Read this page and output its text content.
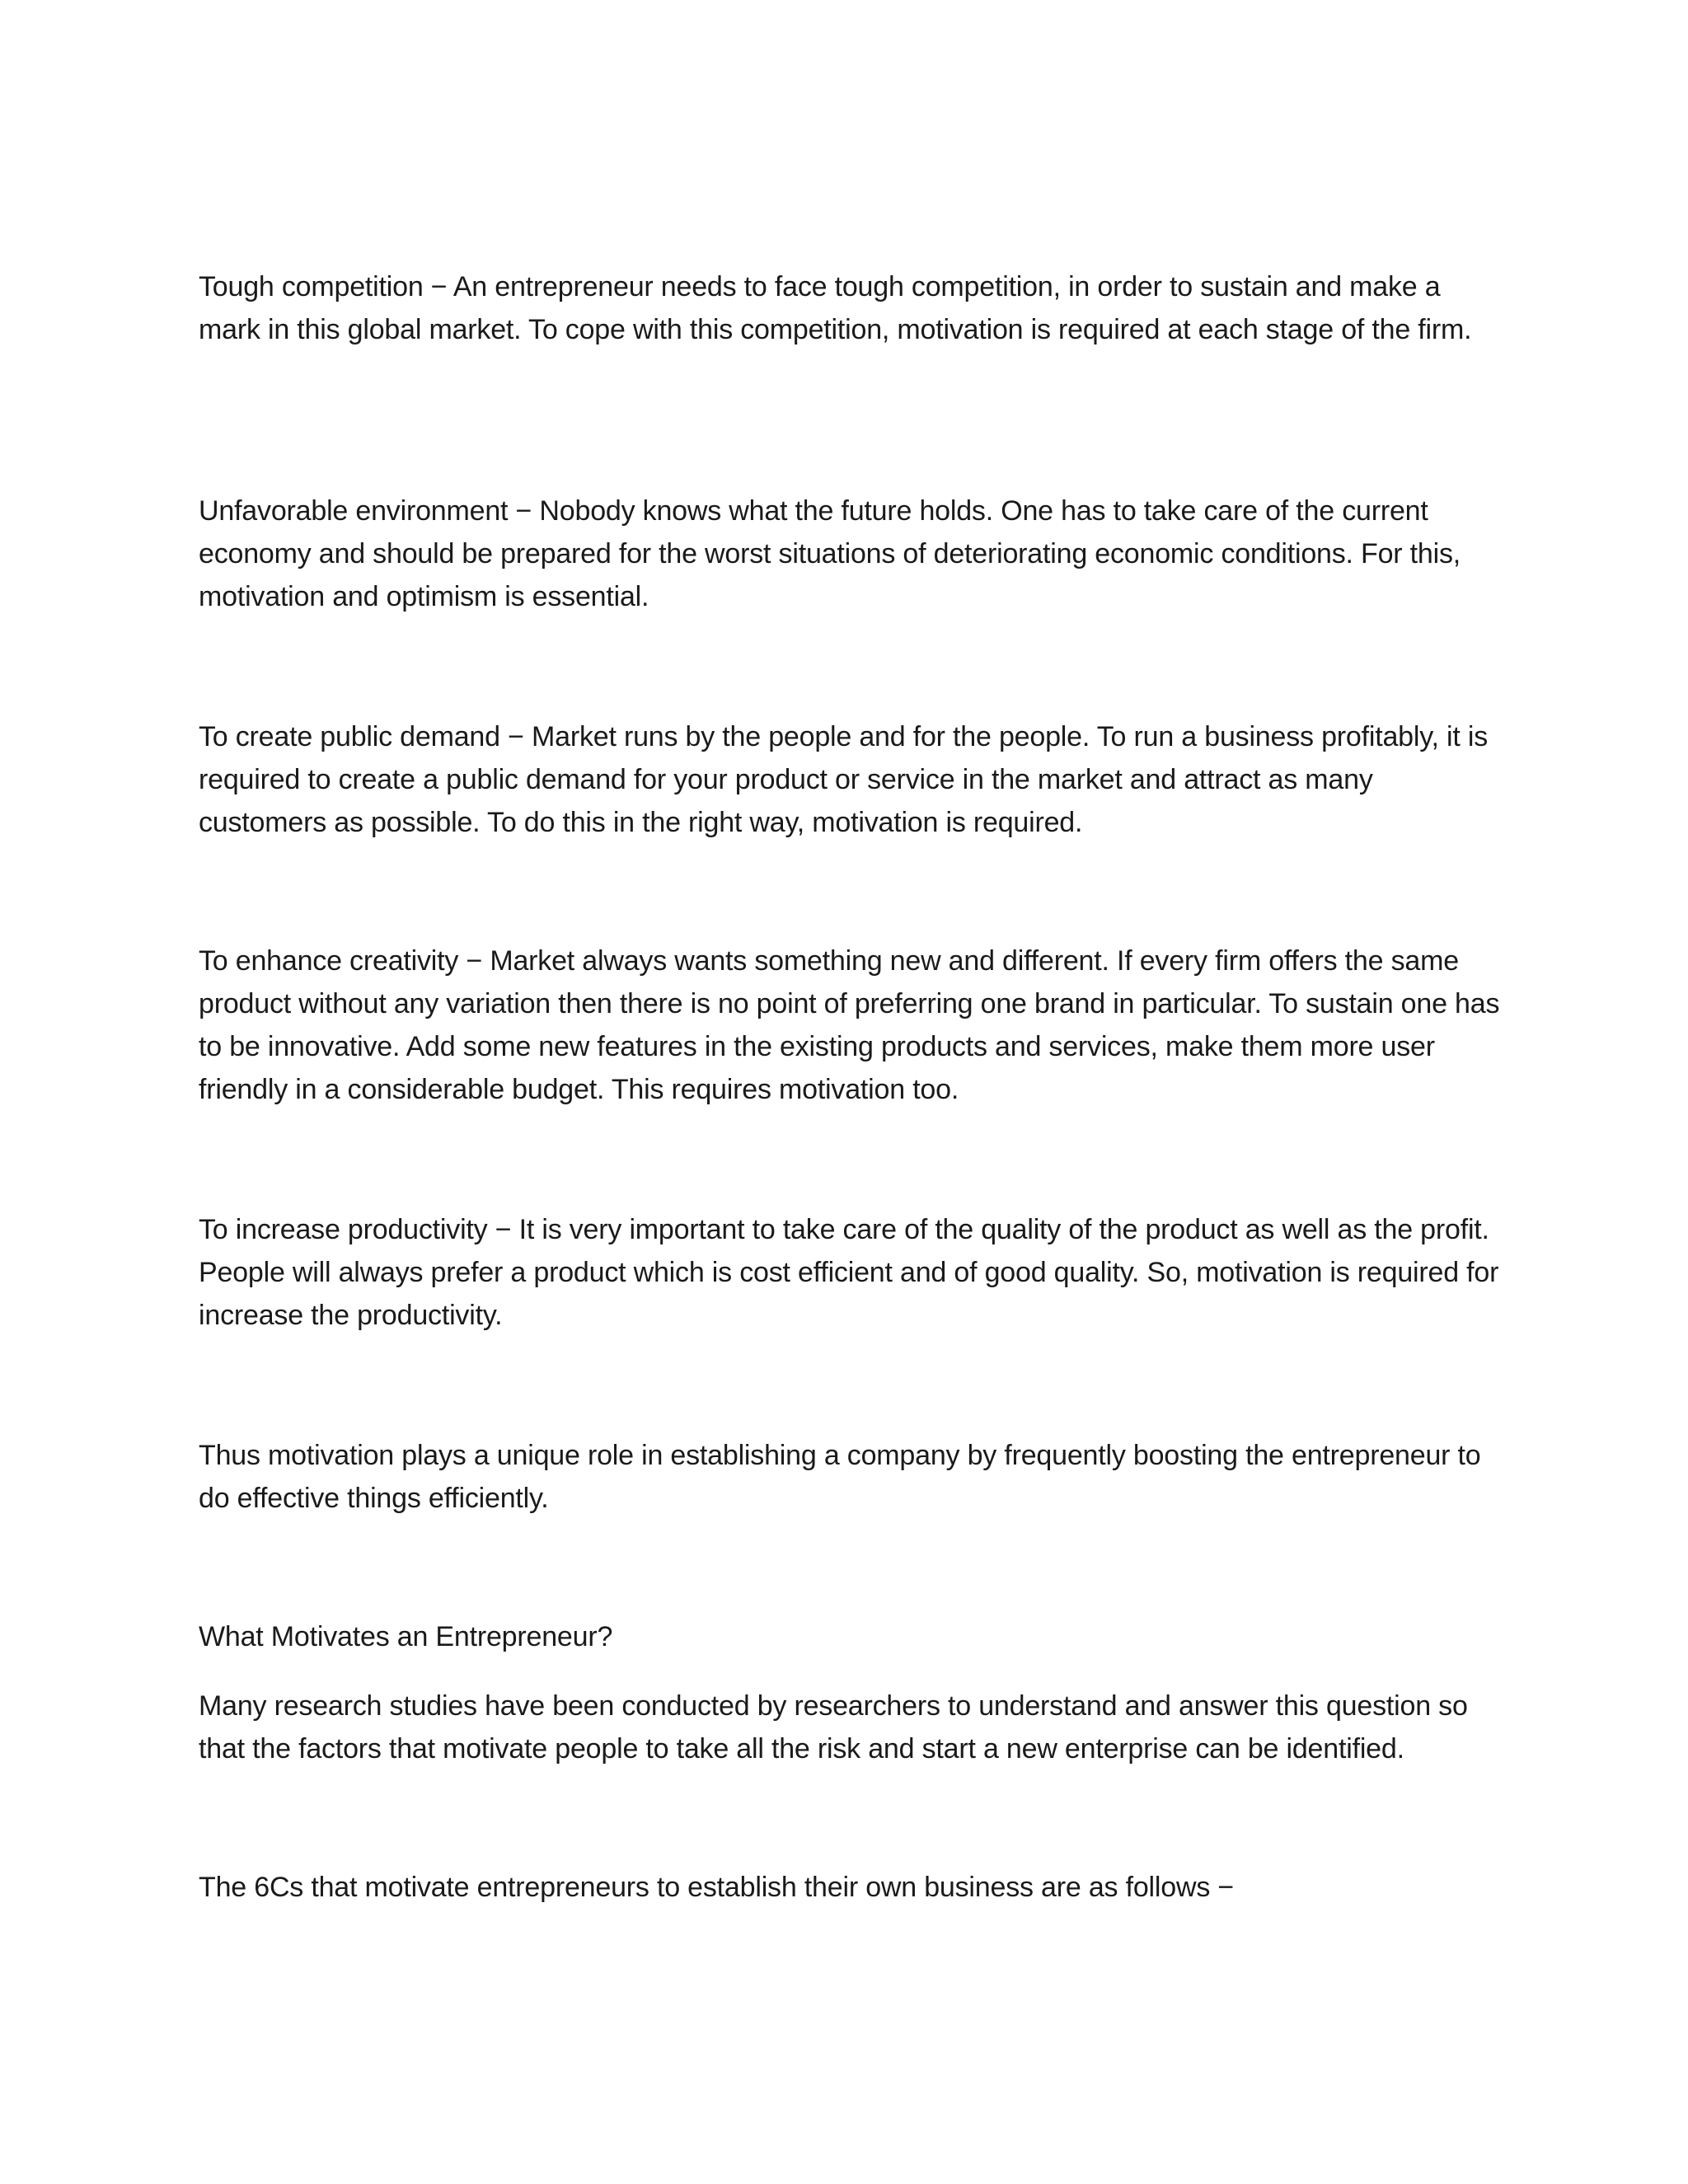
Tough competition − An entrepreneur needs to face tough competition, in order to sustain and make a mark in this global market. To cope with this competition, motivation is required at each stage of the firm.

Unfavorable environment − Nobody knows what the future holds. One has to take care of the current economy and should be prepared for the worst situations of deteriorating economic conditions. For this, motivation and optimism is essential.

To create public demand − Market runs by the people and for the people. To run a business profitably, it is required to create a public demand for your product or service in the market and attract as many customers as possible. To do this in the right way, motivation is required.

To enhance creativity − Market always wants something new and different. If every firm offers the same product without any variation then there is no point of preferring one brand in particular. To sustain one has to be innovative. Add some new features in the existing products and services, make them more user friendly in a considerable budget. This requires motivation too.

To increase productivity − It is very important to take care of the quality of the product as well as the profit. People will always prefer a product which is cost efficient and of good quality. So, motivation is required for increase the productivity.

Thus motivation plays a unique role in establishing a company by frequently boosting the entrepreneur to do effective things efficiently.

What Motivates an Entrepreneur?

Many research studies have been conducted by researchers to understand and answer this question so that the factors that motivate people to take all the risk and start a new enterprise can be identified.

The 6Cs that motivate entrepreneurs to establish their own business are as follows −
